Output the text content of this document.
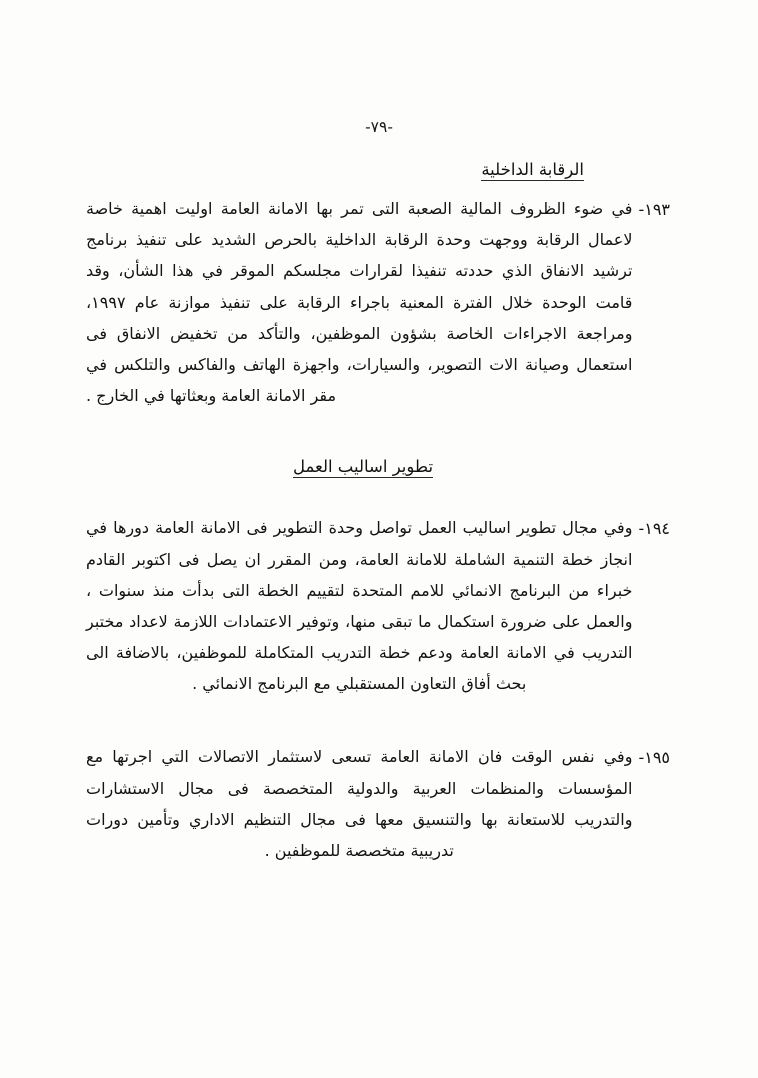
-٧٩-
الرقابة الداخلية
١٩٣-
في ضوء الظروف المالية الصعبة التى تمر بها الامانة العامة اوليت اهمية خاصة لاعمال الرقابة ووجهت وحدة الرقابة الداخلية بالحرص الشديد على تنفيذ برنامج ترشيد الانفاق الذي حددته تنفيذا لقرارات مجلسكم الموقر في هذا الشأن، وقد قامت الوحدة خلال الفترة المعنية باجراء الرقابة على تنفيذ موازنة عام ١٩٩٧، ومراجعة الاجراءات الخاصة بشؤون الموظفين، والتأكد من تخفيض الانفاق فى استعمال وصيانة الات التصوير، والسيارات، واجهزة الهاتف والفاكس والتلكس في مقر الامانة العامة وبعثاتها في الخارج .
تطوير اساليب العمل
١٩٤-
وفي مجال تطوير اساليب العمل تواصل وحدة التطوير فى الامانة العامة دورها في انجاز خطة التنمية الشاملة للامانة العامة، ومن المقرر ان يصل فى اكتوبر القادم خبراء من البرنامج الانمائي للامم المتحدة لتقييم الخطة التى بدأت منذ سنوات ، والعمل على ضرورة استكمال ما تبقى منها، وتوفير الاعتمادات اللازمة لاعداد مختبر التدريب في الامانة العامة ودعم خطة التدريب المتكاملة للموظفين، بالاضافة الى بحث أفاق التعاون المستقبلي مع البرنامج الانمائي .
١٩٥-
وفي نفس الوقت فان الامانة العامة تسعى لاستثمار الاتصالات التي اجرتها مع المؤسسات والمنظمات العربية والدولية المتخصصة فى مجال الاستشارات والتدريب للاستعانة بها والتنسيق معها فى مجال التنظيم الاداري وتأمين دورات تدريبية متخصصة للموظفين .
